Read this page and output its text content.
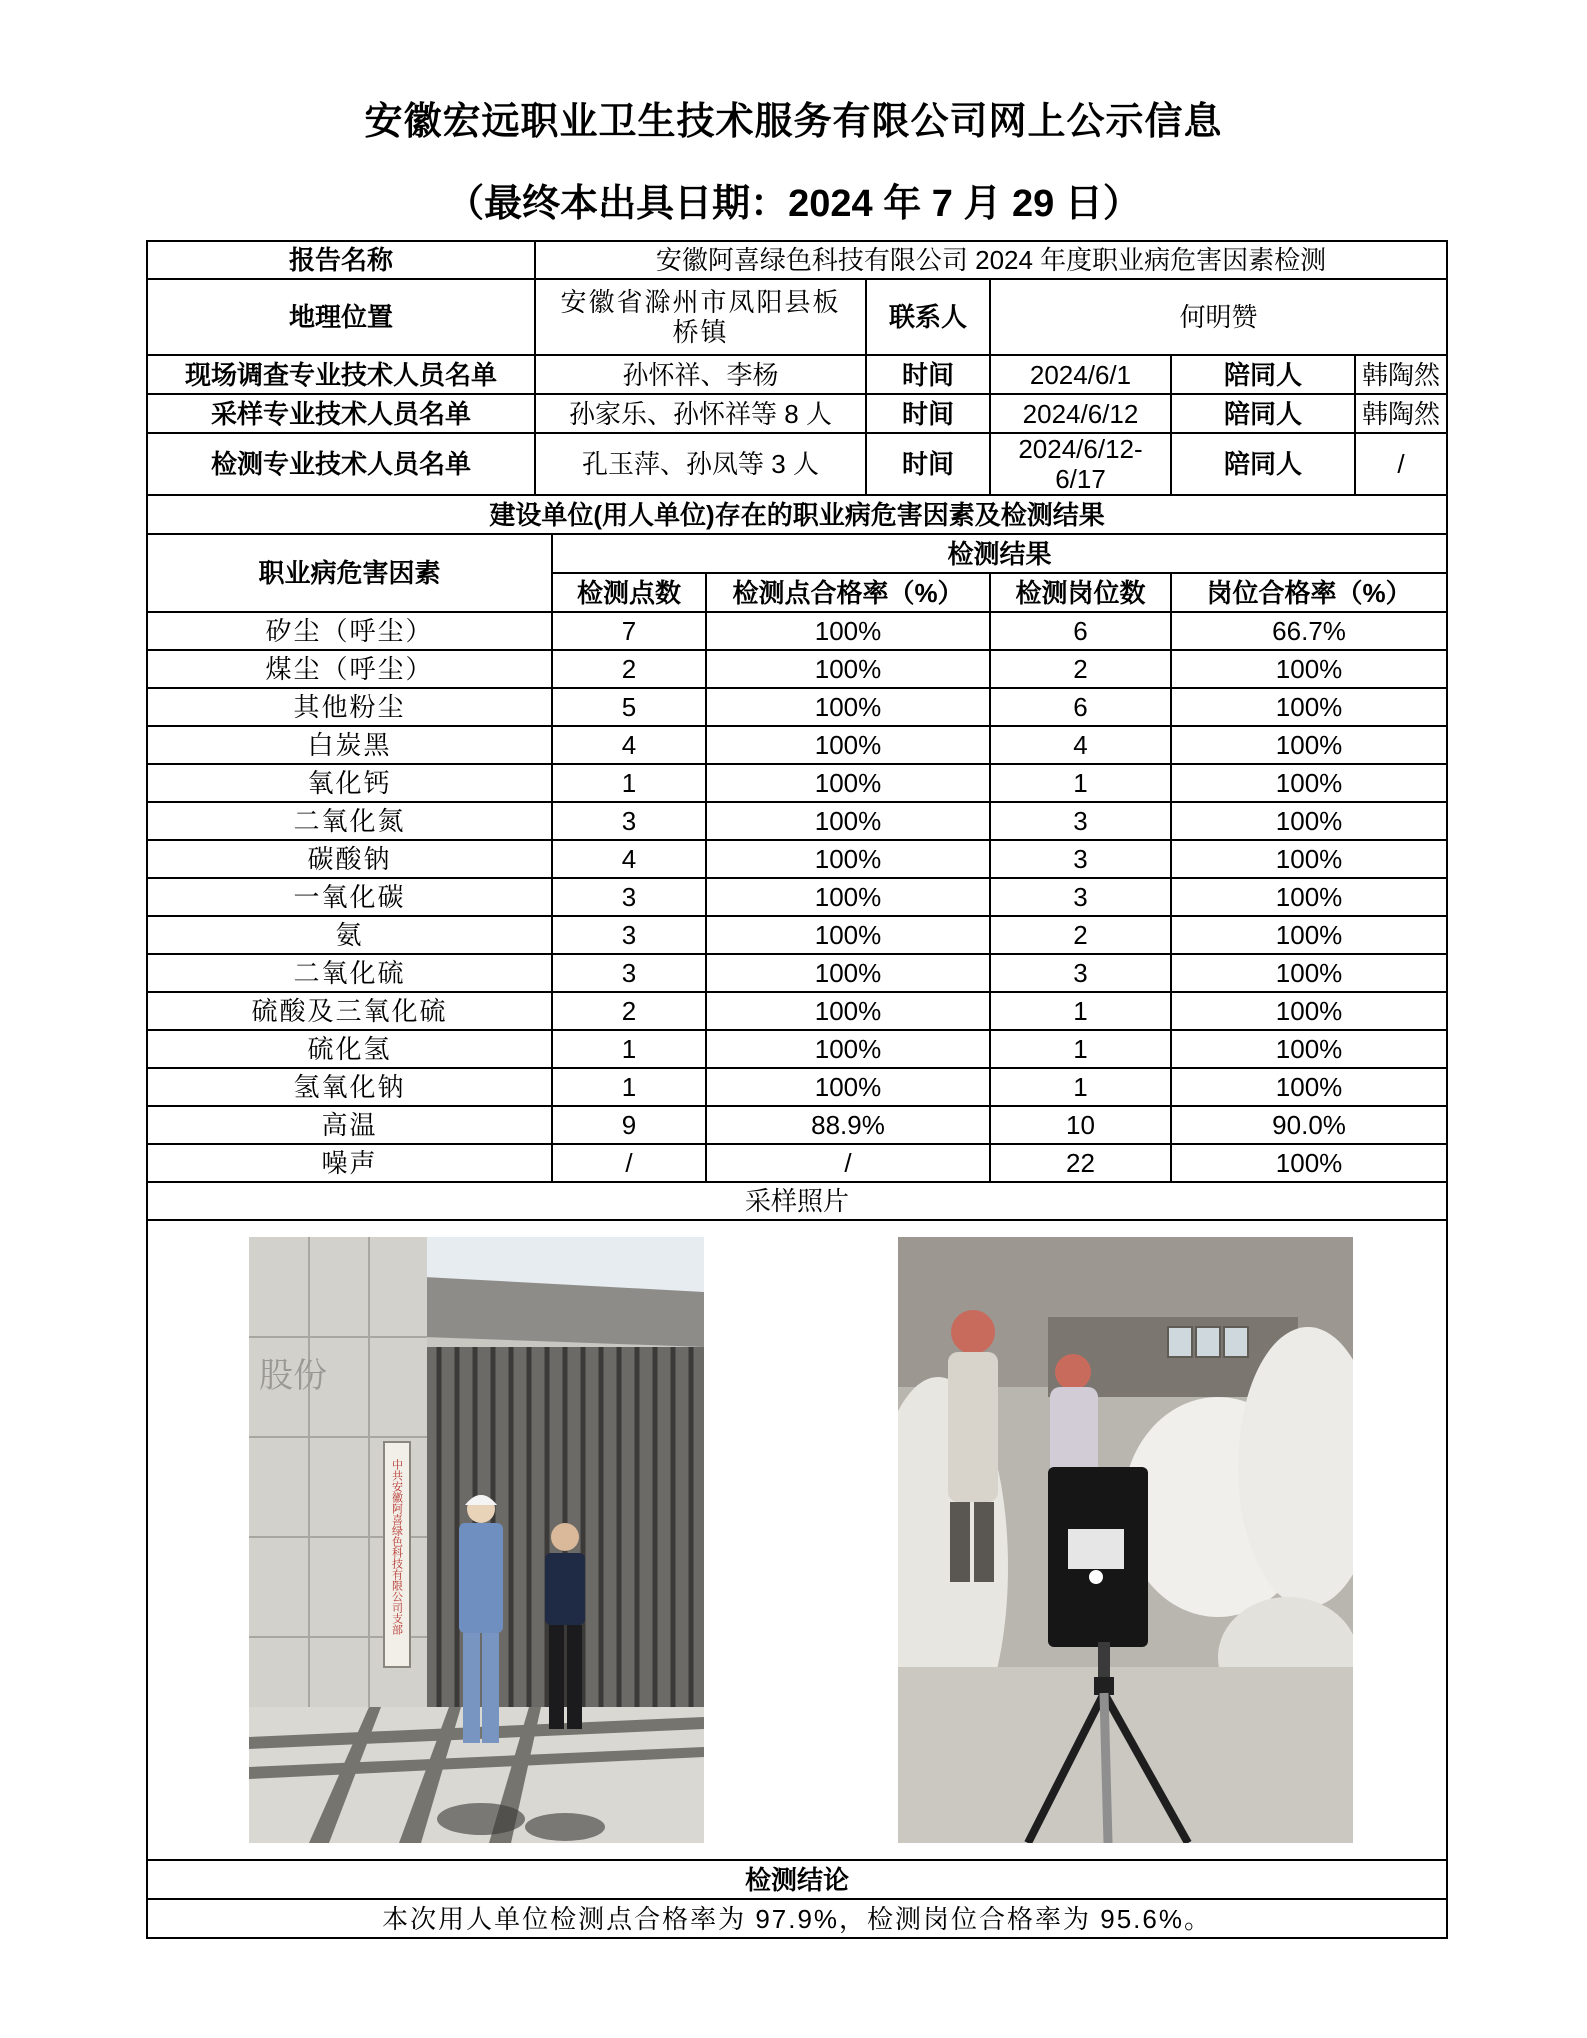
安徽宏远职业卫生技术服务有限公司网上公示信息
（最终本出具日期：2024 年 7 月 29 日）
报告名称	安徽阿喜绿色科技有限公司 2024 年度职业病危害因素检测						
地理位置	安徽省滁州市凤阳县板桥镇			联系人	何明赞		
现场调查专业技术人员名单	孙怀祥、李杨			时间	2024/6/1	陪同人	韩陶然
采样专业技术人员名单	孙家乐、孙怀祥等 8 人			时间	2024/6/12	陪同人	韩陶然
检测专业技术人员名单	孔玉萍、孙凤等 3 人			时间	2024/6/12-6/17	陪同人	/
建设单位(用人单位)存在的职业病危害因素及检测结果							
职业病危害因素		检测结果					
		检测点数	检测点合格率（%）		检测岗位数	岗位合格率（%）	
矽尘（呼尘）		7	100%		6	66.7%	
煤尘（呼尘）		2	100%		2	100%	
其他粉尘		5	100%		6	100%	
白炭黑		4	100%		4	100%	
氧化钙		1	100%		1	100%	
二氧化氮		3	100%		3	100%	
碳酸钠		4	100%		3	100%	
一氧化碳		3	100%		3	100%	
氨		3	100%		2	100%	
二氧化硫		3	100%		3	100%	
硫酸及三氧化硫		2	100%		1	100%	
硫化氢		1	100%		1	100%	
氢氧化钠		1	100%		1	100%	
高温		9	88.9%		10	90.0%	
噪声		/	/		22	100%	
采样照片							

股份
中共安徽阿喜绿色科技有限公司支部							

检测结论							
本次用人单位检测点合格率为 97.9%，检测岗位合格率为 95.6%。							
